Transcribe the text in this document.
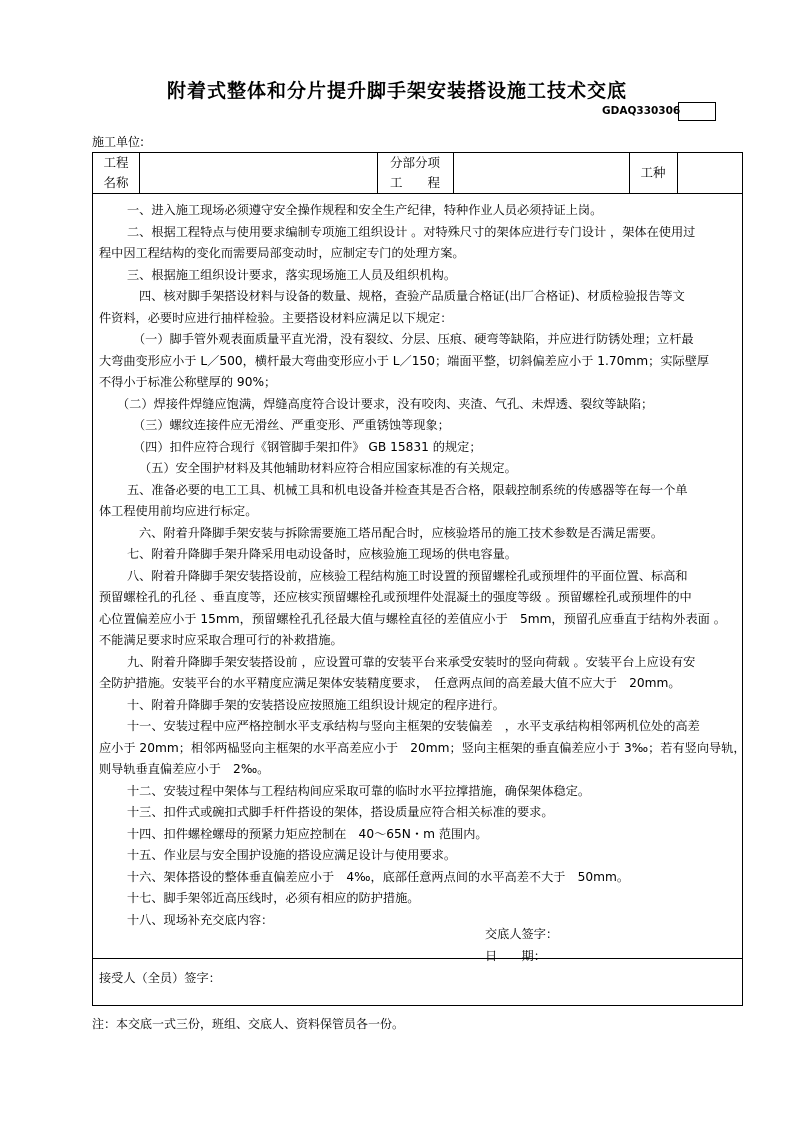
附着式整体和分片提升脚手架安装搭设施工技术交底
GDAQ330306
施工单位:
工程
名称
分部分项
工　　程
工种
一、进入施工现场必须遵守安全操作规程和安全生产纪律，特种作业人员必须持证上岗。
二、根据工程特点与使用要求编制专项施工组织设计 。对特殊尺寸的架体应进行专门设计 ，架体在使用过
程中因工程结构的变化而需要局部变动时，应制定专门的处理方案。
三、根据施工组织设计要求，落实现场施工人员及组织机构。
四、核对脚手架搭设材料与设备的数量、规格，查验产品质量合格证(出厂合格证)、材质检验报告等文
件资料，必要时应进行抽样检验。主要搭设材料应满足以下规定：
（一）脚手管外观表面质量平直光滑，没有裂纹、分层、压痕、硬弯等缺陷，并应进行防锈处理；立杆最
大弯曲变形应小于 L／500，横杆最大弯曲变形应小于 L／150；端面平整，切斜偏差应小于 1.70mm；实际壁厚
不得小于标准公称壁厚的 90%；
（二）焊接件焊缝应饱满，焊缝高度符合设计要求，没有咬肉、夹渣、气孔、未焊透、裂纹等缺陷；
（三）螺纹连接件应无滑丝、严重变形、严重锈蚀等现象；
（四）扣件应符合现行《钢管脚手架扣件》 GB 15831 的规定；
（五）安全围护材料及其他辅助材料应符合相应国家标准的有关规定。
五、准备必要的电工工具、机械工具和机电设备并检查其是否合格，限载控制系统的传感器等在每一个单
体工程使用前均应进行标定。
六、附着升降脚手架安装与拆除需要施工塔吊配合时，应核验塔吊的施工技术参数是否满足需要。
七、附着升降脚手架升降采用电动设备时，应核验施工现场的供电容量。
八、附着升降脚手架安装搭设前，应核验工程结构施工时设置的预留螺栓孔或预埋件的平面位置、标高和
预留螺栓孔的孔径 、垂直度等，还应核实预留螺栓孔或预埋件处混凝土的强度等级 。预留螺栓孔或预埋件的中
心位置偏差应小于 15mm，预留螺栓孔孔径最大值与螺栓直径的差值应小于　5mm，预留孔应垂直于结构外表面 。
不能满足要求时应采取合理可行的补救措施。
九、附着升降脚手架安装搭设前 ，应设置可靠的安装平台来承受安装时的竖向荷载 。安装平台上应设有安
全防护措施。安装平台的水平精度应满足架体安装精度要求，　任意两点间的高差最大值不应大于　20mm。
十、附着升降脚手架的安装搭设应按照施工组织设计规定的程序进行。
十一、安装过程中应严格控制水平支承结构与竖向主框架的安装偏差　，水平支承结构相邻两机位处的高差
应小于 20mm；相邻两榀竖向主框架的水平高差应小于　20mm；竖向主框架的垂直偏差应小于 3‰；若有竖向导轨，
则导轨垂直偏差应小于　2‰。
十二、安装过程中架体与工程结构间应采取可靠的临时水平拉撑措施，确保架体稳定。
十三、扣件式或碗扣式脚手杆件搭设的架体，搭设质量应符合相关标准的要求。
十四、扣件螺栓螺母的预紧力矩应控制在　40～65N・m 范围内。
十五、作业层与安全围护设施的搭设应满足设计与使用要求。
十六、架体搭设的整体垂直偏差应小于　4‰，底部任意两点间的水平高差不大于　50mm。
十七、脚手架邻近高压线时，必须有相应的防护措施。
十八、现场补充交底内容：
交底人签字：
日　　期：
接受人（全员）签字：
注：本交底一式三份，班组、交底人、资料保管员各一份。
